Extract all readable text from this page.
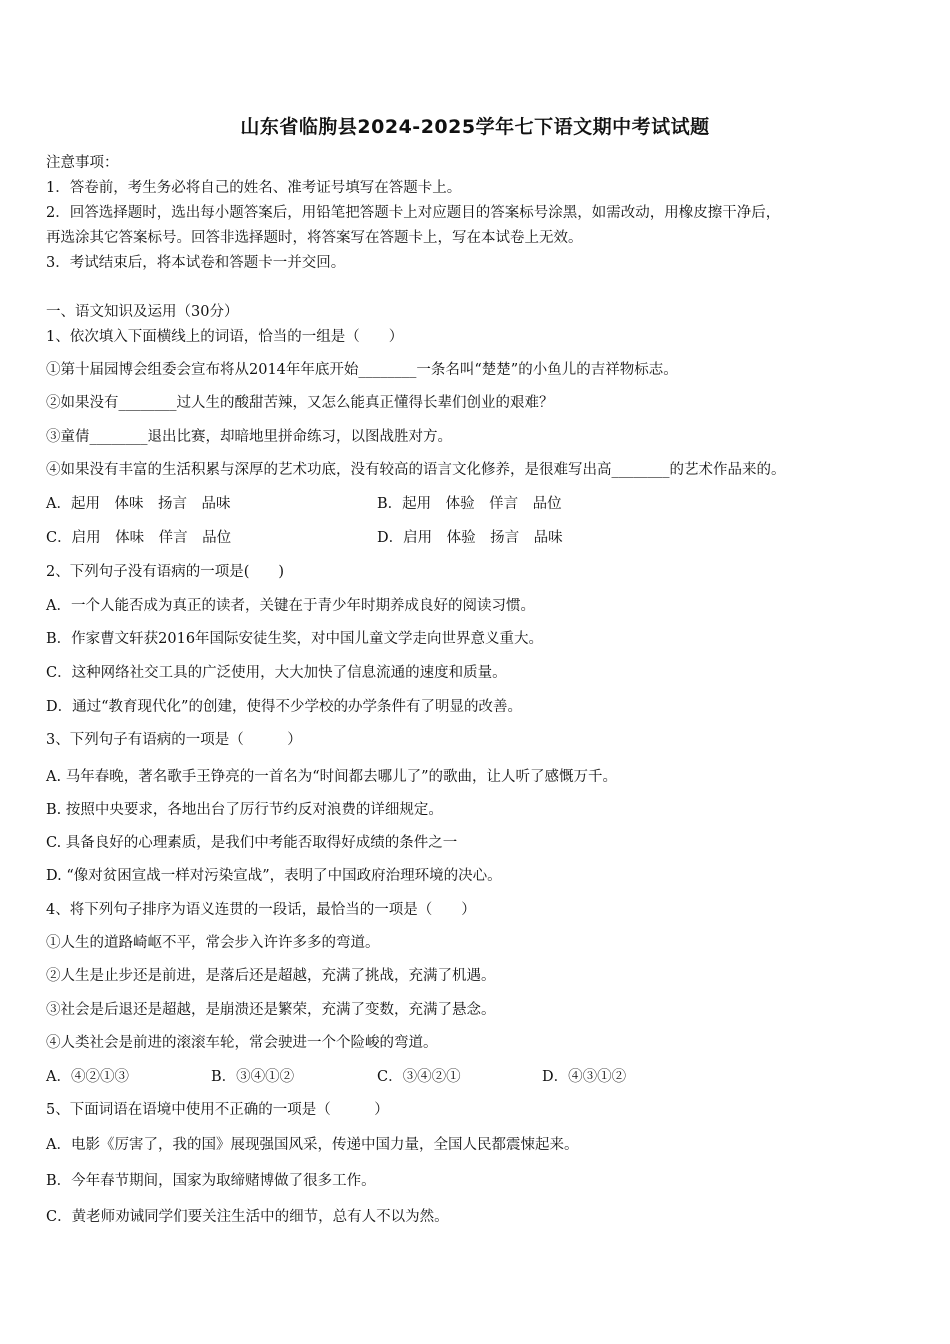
山东省临朐县2024-2025学年七下语文期中考试试题
注意事项：
1．答卷前，考生务必将自己的姓名、准考证号填写在答题卡上。
2．回答选择题时，选出每小题答案后，用铅笔把答题卡上对应题目的答案标号涂黑，如需改动，用橡皮擦干净后，
再选涂其它答案标号。回答非选择题时，将答案写在答题卡上，写在本试卷上无效。
3．考试结束后，将本试卷和答题卡一并交回。
一、语文知识及运用（30分）
1、依次填入下面横线上的词语，恰当的一组是（　　）
①第十届园博会组委会宣布将从2014年年底开始________一条名叫“楚楚”的小鱼儿的吉祥物标志。
②如果没有________过人生的酸甜苦辣，又怎么能真正懂得长辈们创业的艰难？
③童倩________退出比赛，却暗地里拼命练习，以图战胜对方。
④如果没有丰富的生活积累与深厚的艺术功底，没有较高的语言文化修养，是很难写出高________的艺术作品来的。
A．起用　体味　扬言　品味	B．起用　体验　佯言　品位
C．启用　体味　佯言　品位	D．启用　体验　扬言　品味
2、下列句子没有语病的一项是(　　)
A．一个人能否成为真正的读者，关键在于青少年时期养成良好的阅读习惯。
B．作家曹文轩获2016年国际安徒生奖，对中国儿童文学走向世界意义重大。
C．这种网络社交工具的广泛使用，大大加快了信息流通的速度和质量。
D．通过“教育现代化”的创建，使得不少学校的办学条件有了明显的改善。
3、下列句子有语病的一项是（　　　）
A. 马年春晚，著名歌手王铮亮的一首名为“时间都去哪儿了”的歌曲，让人听了感慨万千。
B. 按照中央要求，各地出台了厉行节约反对浪费的详细规定。
C. 具备良好的心理素质，是我们中考能否取得好成绩的条件之一
D. “像对贫困宣战一样对污染宣战”，表明了中国政府治理环境的决心。
4、将下列句子排序为语义连贯的一段话，最恰当的一项是（　　）
①人生的道路崎岖不平，常会步入许许多多的弯道。
②人生是止步还是前进，是落后还是超越，充满了挑战，充满了机遇。
③社会是后退还是超越，是崩溃还是繁荣，充满了变数，充满了悬念。
④人类社会是前进的滚滚车轮，常会驶进一个个险峻的弯道。
A．④②①③	B．③④①②	C．③④②①	D．④③①②
5、下面词语在语境中使用不正确的一项是（　　　）
A．电影《厉害了，我的国》展现强国风采，传递中国力量，全国人民都震悚起来。
B．今年春节期间，国家为取缔赌博做了很多工作。
C．黄老师劝诫同学们要关注生活中的细节，总有人不以为然。
